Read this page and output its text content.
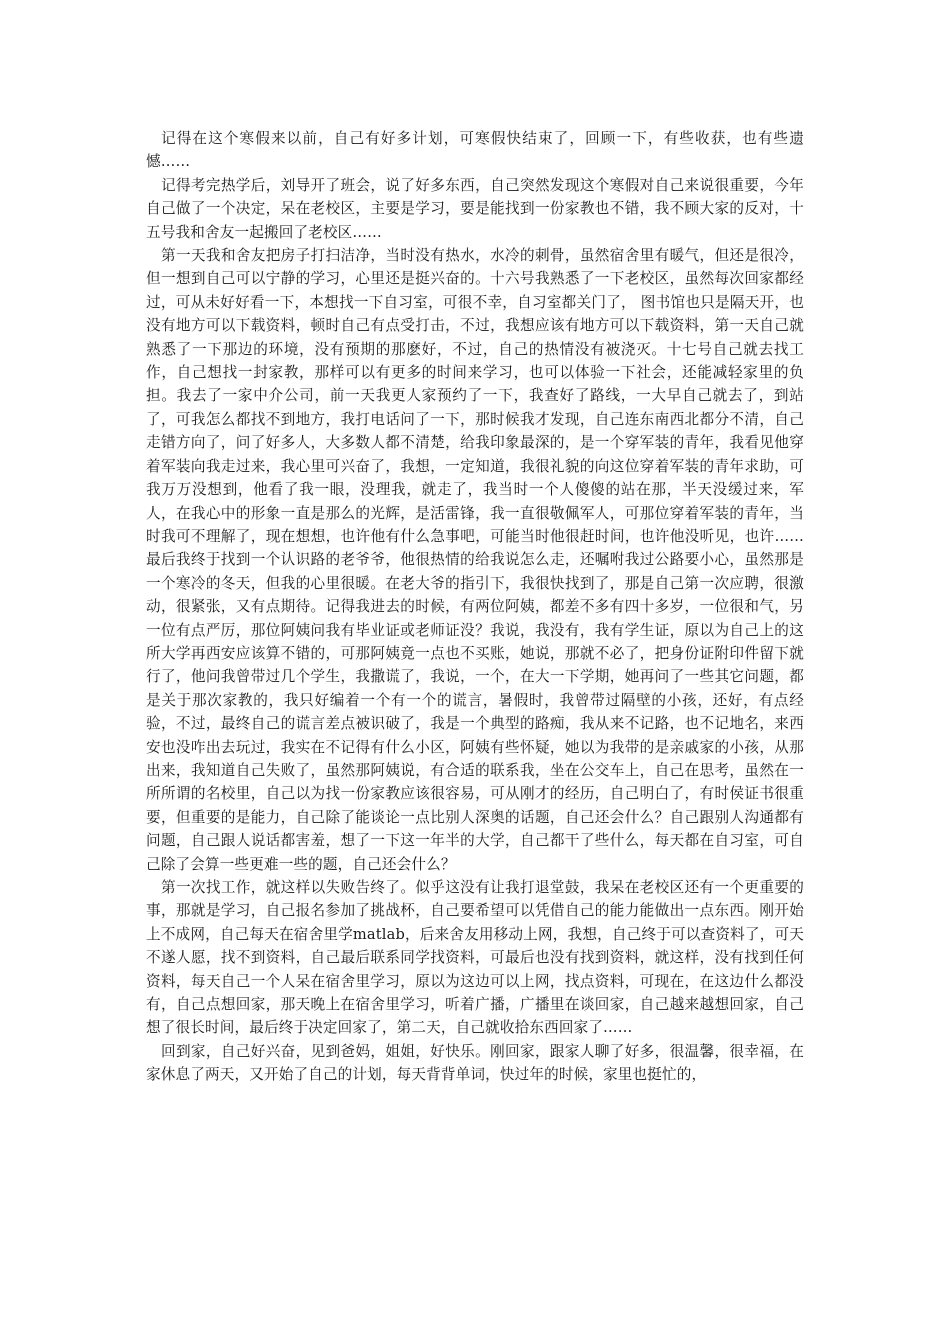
记得在这个寒假来以前，自己有好多计划，可寒假快结束了，回顾一下，有些收获，也有些遗憾……

记得考完热学后，刘导开了班会，说了好多东西，自己突然发现这个寒假对自己来说很重要，今年自己做了一个决定，呆在老校区，主要是学习，要是能找到一份家教也不错，我不顾大家的反对，十五号我和舍友一起搬回了老校区……

第一天我和舍友把房子打扫洁净，当时没有热水，水冷的刺骨，虽然宿舍里有暖气，但还是很冷，但一想到自己可以宁静的学习，心里还是挺兴奋的。十六号我熟悉了一下老校区，虽然每次回家都经过，可从未好好看一下，本想找一下自习室，可很不幸，自习室都关门了， 图书馆也只是隔天开，也没有地方可以下载资料，顿时自己有点受打击，不过，我想应该有地方可以下载资料，第一天自己就熟悉了一下那边的环境，没有预期的那麽好，不过，自己的热情没有被浇灭。十七号自己就去找工作，自己想找一封家教，那样可以有更多的时间来学习，也可以体验一下社会，还能减轻家里的负担。我去了一家中介公司，前一天我更人家预约了一下，我查好了路线，一大早自己就去了，到站了，可我怎么都找不到地方，我打电话问了一下，那时候我才发现，自己连东南西北都分不清，自己走错方向了，问了好多人，大多数人都不清楚，给我印象最深的，是一个穿军装的青年，我看见他穿着军装向我走过来，我心里可兴奋了，我想，一定知道，我很礼貌的向这位穿着军装的青年求助，可我万万没想到，他看了我一眼，没理我，就走了，我当时一个人傻傻的站在那，半天没缓过来，军人，在我心中的形象一直是那么的光辉，是活雷锋，我一直很敬佩军人，可那位穿着军装的青年，当时我可不理解了，现在想想，也许他有什么急事吧，可能当时他很赶时间，也许他没听见，也许……最后我终于找到一个认识路的老爷爷，他很热情的给我说怎么走，还嘱咐我过公路要小心，虽然那是一个寒冷的冬天，但我的心里很暖。在老大爷的指引下，我很快找到了，那是自己第一次应聘，很激动，很紧张，又有点期待。记得我进去的时候，有两位阿姨，都差不多有四十多岁，一位很和气，另一位有点严厉，那位阿姨问我有毕业证或老师证没？我说，我没有，我有学生证，原以为自己上的这所大学再西安应该算不错的，可那阿姨竟一点也不买账，她说，那就不必了，把身份证附印件留下就行了，他问我曾带过几个学生，我撒谎了，我说，一个，在大一下学期，她再问了一些其它问题，都是关于那次家教的，我只好编着一个有一个的谎言，暑假时，我曾带过隔壁的小孩，还好，有点经验，不过，最终自己的谎言差点被识破了，我是一个典型的路痴，我从来不记路，也不记地名，来西安也没咋出去玩过，我实在不记得有什么小区，阿姨有些怀疑，她以为我带的是亲戚家的小孩，从那出来，我知道自己失败了，虽然那阿姨说，有合适的联系我，坐在公交车上，自己在思考，虽然在一所所谓的名校里，自己以为找一份家教应该很容易，可从刚才的经历，自己明白了，有时侯证书很重要，但重要的是能力，自己除了能谈论一点比别人深奥的话题，自己还会什么？自己跟别人沟通都有问题，自己跟人说话都害羞，想了一下这一年半的大学，自己都干了些什么，每天都在自习室，可自己除了会算一些更难一些的题，自己还会什么？

第一次找工作，就这样以失败告终了。似乎这没有让我打退堂鼓，我呆在老校区还有一个更重要的事，那就是学习，自己报名参加了挑战杯，自己要希望可以凭借自己的能力能做出一点东西。刚开始上不成网，自己每天在宿舍里学matlab，后来舍友用移动上网，我想，自己终于可以查资料了，可天不遂人愿，找不到资料，自己最后联系同学找资料，可最后也没有找到资料，就这样，没有找到任何资料，每天自己一个人呆在宿舍里学习，原以为这边可以上网，找点资料，可现在，在这边什么都没有，自己点想回家，那天晚上在宿舍里学习，听着广播，广播里在谈回家，自己越来越想回家，自己想了很长时间，最后终于决定回家了，第二天，自己就收拾东西回家了……

回到家，自己好兴奋，见到爸妈，姐姐，好快乐。刚回家，跟家人聊了好多，很温馨，很幸福，在家休息了两天，又开始了自己的计划，每天背背单词，快过年的时候，家里也挺忙的，
